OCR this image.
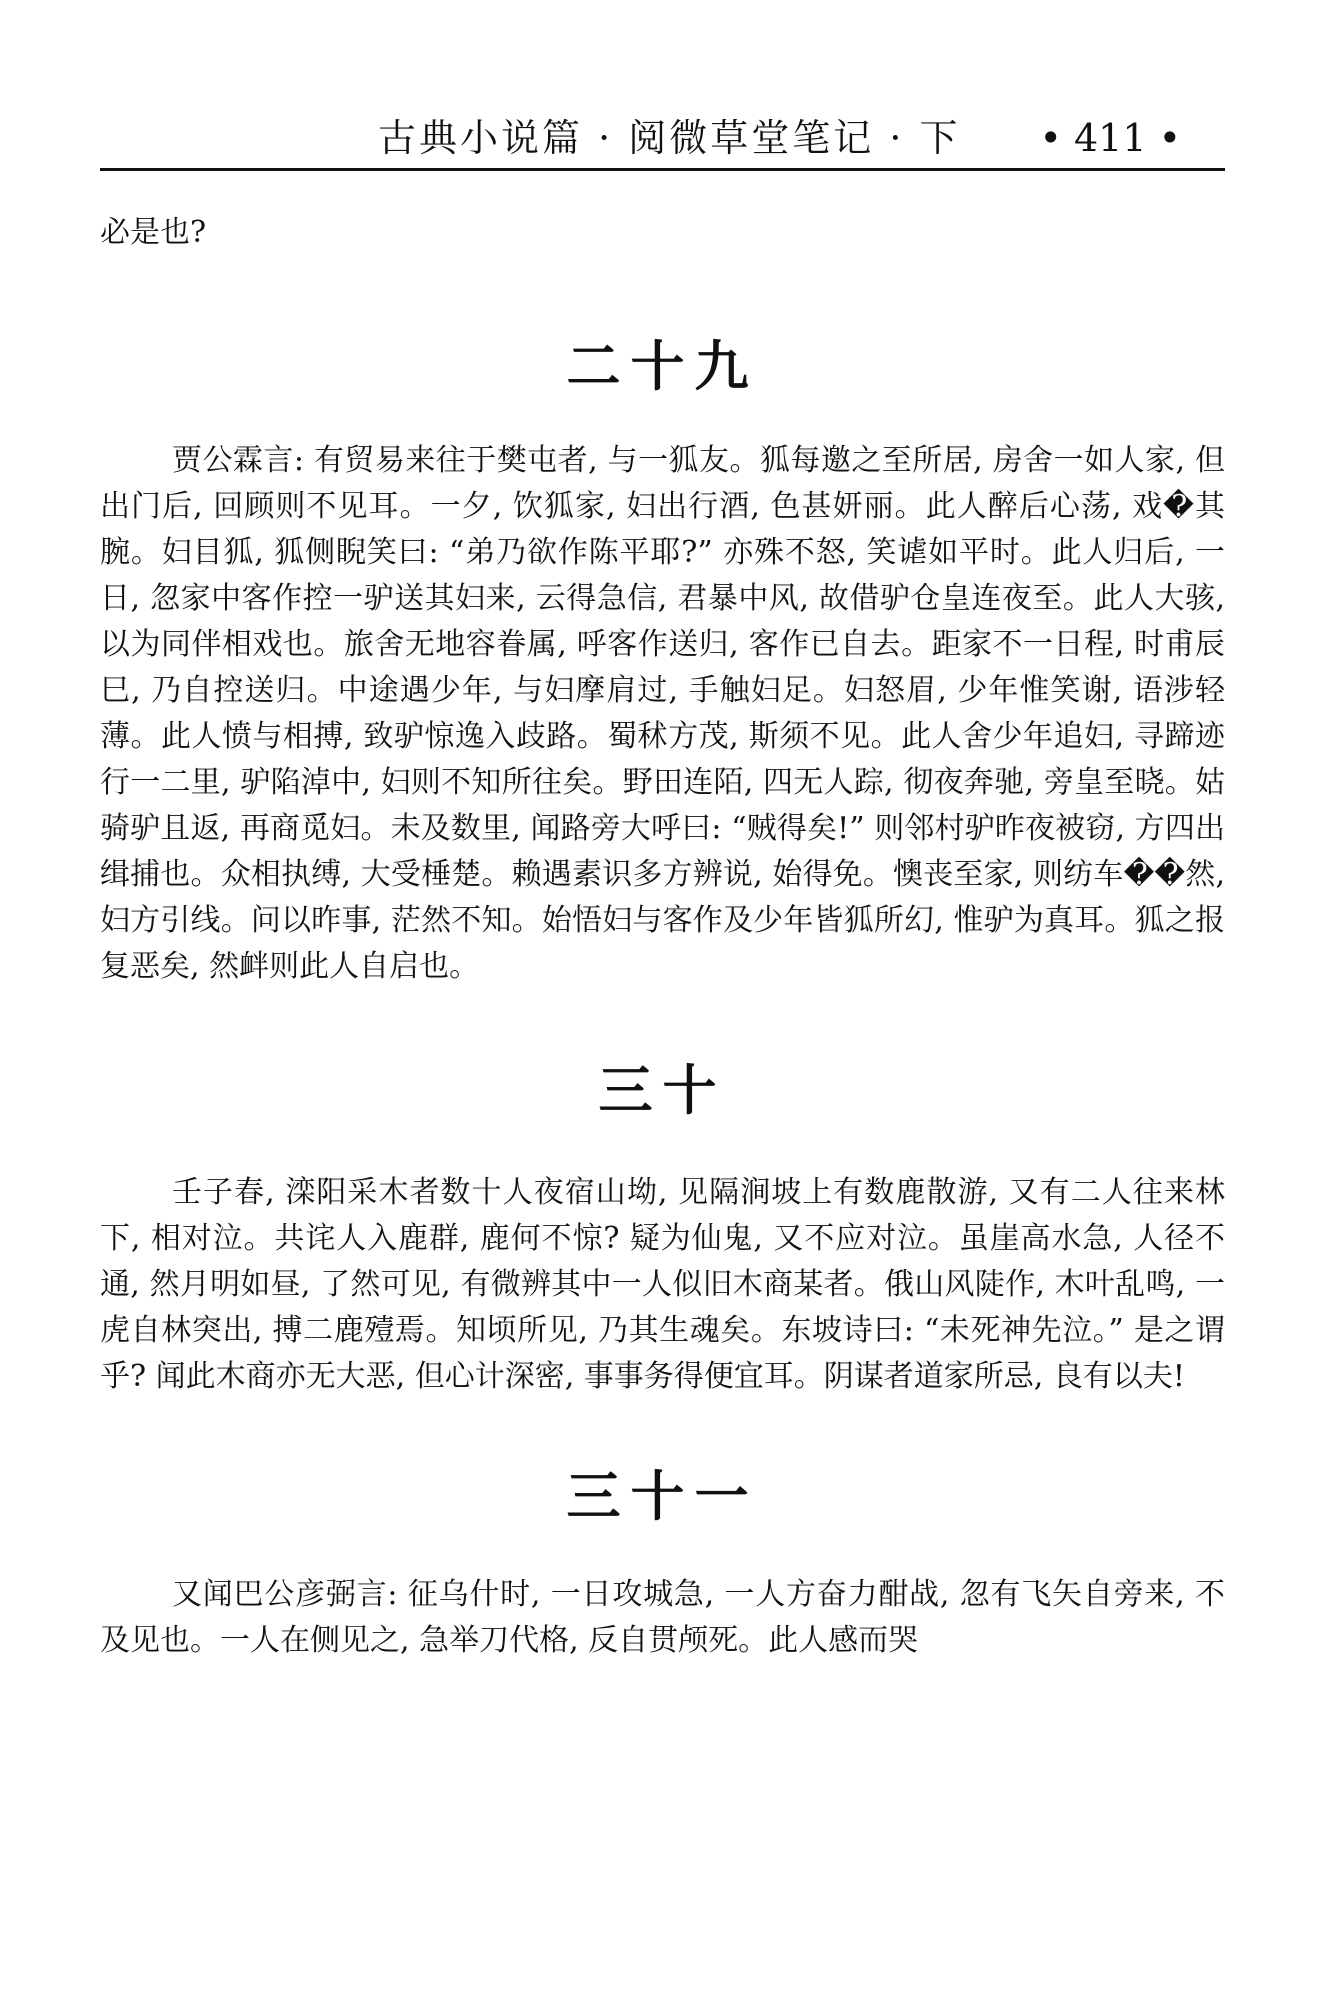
古典小说篇 · 阅微草堂笔记 · 下 • 411 •

必是也?

二十九

贾公霖言: 有贸易来往于樊屯者, 与一狐友。狐每邀之至所居, 房舍一如人家, 但出门后, 回顾则不见耳。一夕, 饮狐家, 妇出行酒, 色甚妍丽。此人醉后心荡, 戏�其腕。妇目狐, 狐侧睨笑曰: “弟乃欲作陈平耶?” 亦殊不怒, 笑谑如平时。此人归后, 一日, 忽家中客作控一驴送其妇来, 云得急信, 君暴中风, 故借驴仓皇连夜至。此人大骇, 以为同伴相戏也。旅舍无地容眷属, 呼客作送归, 客作已自去。距家不一日程, 时甫辰巳, 乃自控送归。中途遇少年, 与妇摩肩过, 手触妇足。妇怒眉, 少年惟笑谢, 语涉轻薄。此人愤与相搏, 致驴惊逸入歧路。蜀秫方茂, 斯须不见。此人舍少年追妇, 寻蹄迹行一二里, 驴陷淖中, 妇则不知所往矣。野田连陌, 四无人踪, 彻夜奔驰, 旁皇至晓。姑骑驴且返, 再商觅妇。未及数里, 闻路旁大呼曰: “贼得矣!” 则邻村驴昨夜被窃, 方四出缉捕也。众相执缚, 大受棰楚。赖遇素识多方辨说, 始得免。懊丧至家, 则纺车��然, 妇方引线。问以昨事, 茫然不知。始悟妇与客作及少年皆狐所幻, 惟驴为真耳。狐之报复恶矣, 然衅则此人自启也。

三十

壬子春, 滦阳采木者数十人夜宿山坳, 见隔涧坡上有数鹿散游, 又有二人往来林下, 相对泣。共诧人入鹿群, 鹿何不惊? 疑为仙鬼, 又不应对泣。虽崖高水急, 人径不通, 然月明如昼, 了然可见, 有微辨其中一人似旧木商某者。俄山风陡作, 木叶乱鸣, 一虎自林突出, 搏二鹿殪焉。知顷所见, 乃其生魂矣。东坡诗曰: “未死神先泣。” 是之谓乎? 闻此木商亦无大恶, 但心计深密, 事事务得便宜耳。阴谋者道家所忌, 良有以夫!

三十一

又闻巴公彦弼言: 征乌什时, 一日攻城急, 一人方奋力酣战, 忽有飞矢自旁来, 不及见也。一人在侧见之, 急举刀代格, 反自贯颅死。此人感而哭
